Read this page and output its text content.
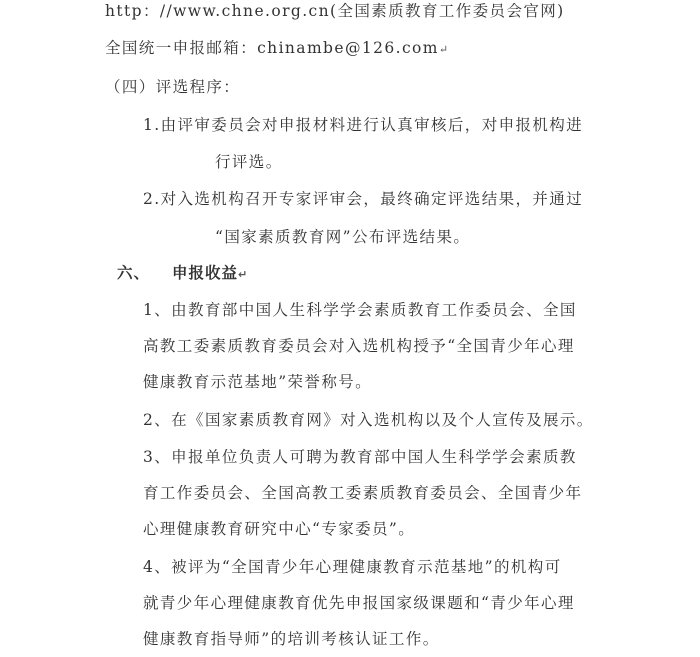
http：//www.chne.org.cn(全国素质教育工作委员会官网)
全国统一申报邮箱：chinambe@126.com↵
（四）评选程序：
1.由评审委员会对申报材料进行认真审核后，对申报机构进
行评选。
2.对入选机构召开专家评审会，最终确定评选结果，并通过
“国家素质教育网”公布评选结果。
六、 申报收益↵
1、由教育部中国人生科学学会素质教育工作委员会、全国
高教工委素质教育委员会对入选机构授予“全国青少年心理
健康教育示范基地”荣誉称号。
2、在《国家素质教育网》对入选机构以及个人宣传及展示。
3、申报单位负责人可聘为教育部中国人生科学学会素质教
育工作委员会、全国高教工委素质教育委员会、全国青少年
心理健康教育研究中心“专家委员”。
4、被评为“全国青少年心理健康教育示范基地”的机构可
就青少年心理健康教育优先申报国家级课题和“青少年心理
健康教育指导师”的培训考核认证工作。
